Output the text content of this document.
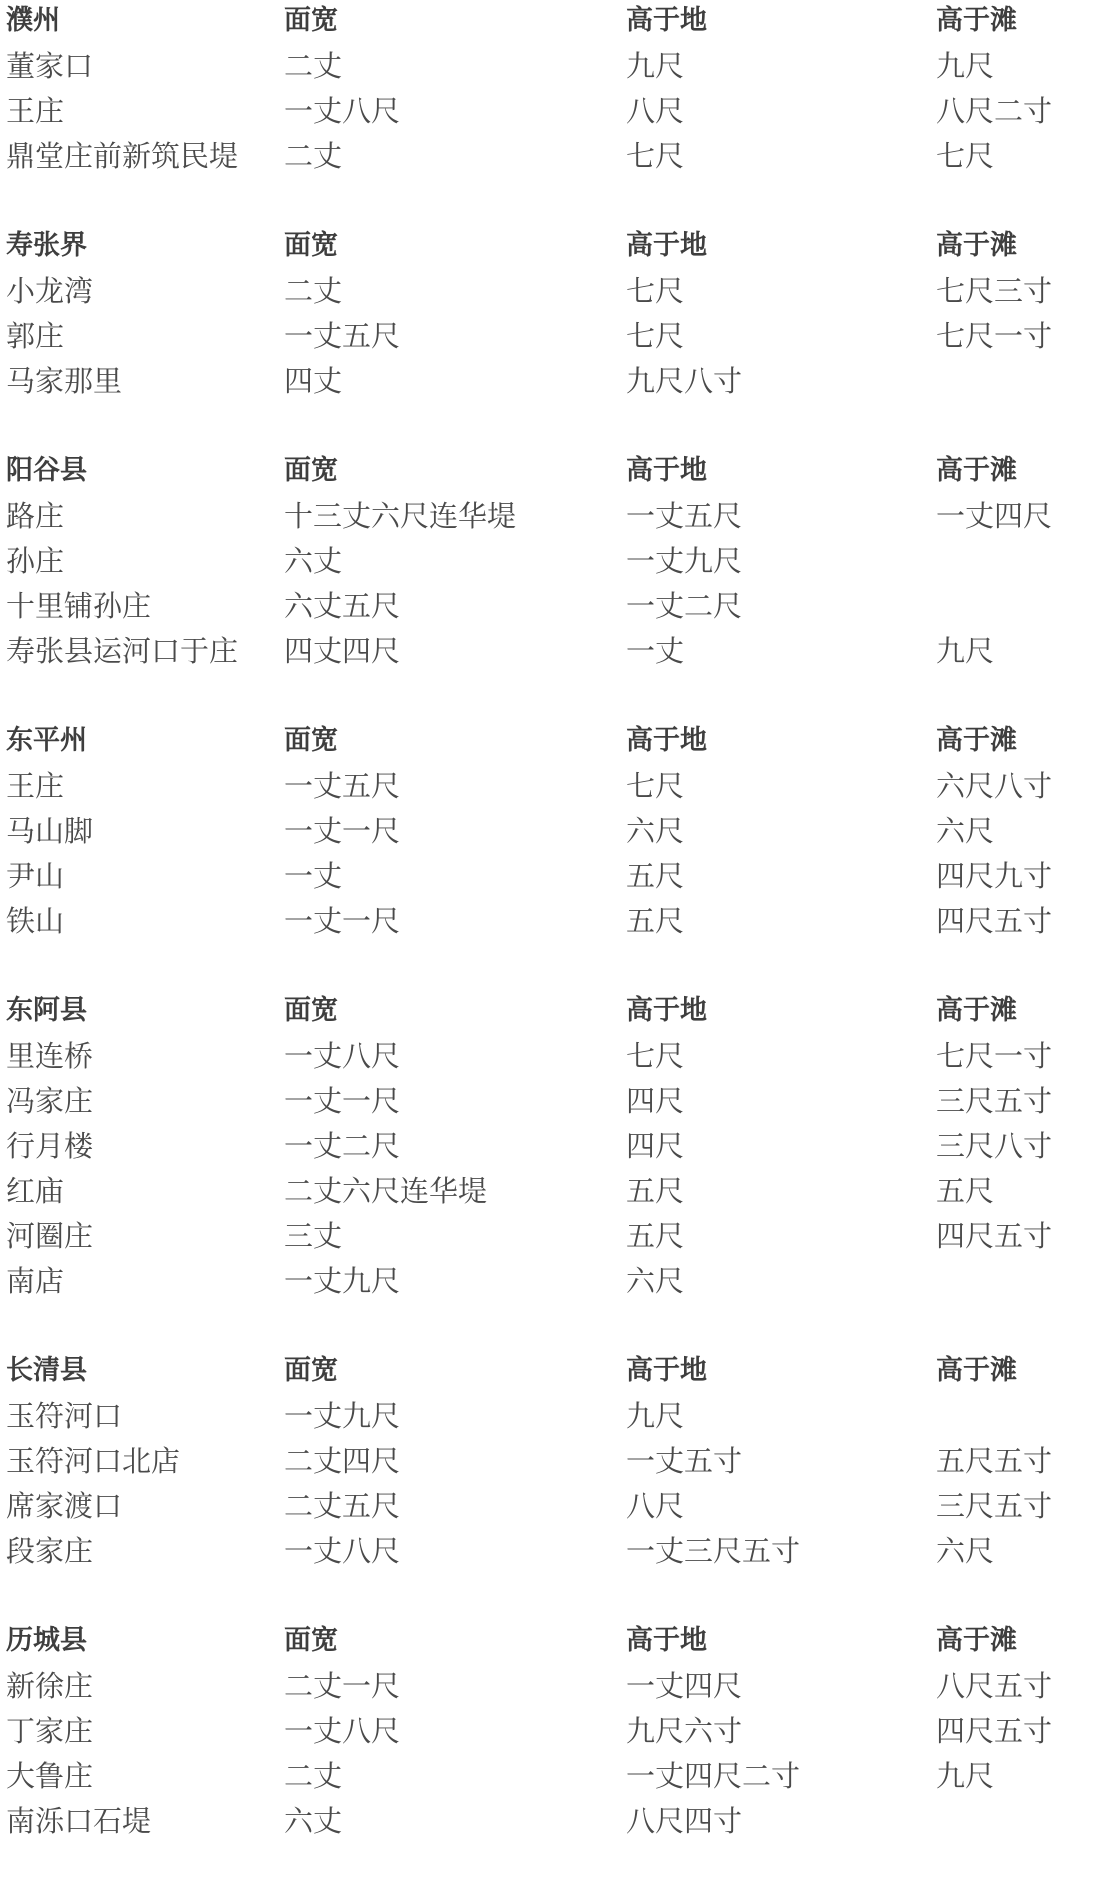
濮州	面宽	高于地	高于滩
董家口	二丈	九尺	九尺
王庄	一丈八尺	八尺	八尺二寸
鼎堂庄前新筑民堤	二丈	七尺	七尺
寿张界	面宽	高于地	高于滩
小龙湾	二丈	七尺	七尺三寸
郭庄	一丈五尺	七尺	七尺一寸
马家那里	四丈	九尺八寸
阳谷县	面宽	高于地	高于滩
路庄	十三丈六尺连华堤	一丈五尺	一丈四尺
孙庄	六丈	一丈九尺
十里铺孙庄	六丈五尺	一丈二尺
寿张县运河口于庄	四丈四尺	一丈	九尺
东平州	面宽	高于地	高于滩
王庄	一丈五尺	七尺	六尺八寸
马山脚	一丈一尺	六尺	六尺
尹山	一丈	五尺	四尺九寸
铁山	一丈一尺	五尺	四尺五寸
东阿县	面宽	高于地	高于滩
里连桥	一丈八尺	七尺	七尺一寸
冯家庄	一丈一尺	四尺	三尺五寸
行月楼	一丈二尺	四尺	三尺八寸
红庙	二丈六尺连华堤	五尺	五尺
河圈庄	三丈	五尺	四尺五寸
南店	一丈九尺	六尺
长清县	面宽	高于地	高于滩
玉符河口	一丈九尺	九尺
玉符河口北店	二丈四尺	一丈五寸	五尺五寸
席家渡口	二丈五尺	八尺	三尺五寸
段家庄	一丈八尺	一丈三尺五寸	六尺
历城县	面宽	高于地	高于滩
新徐庄	二丈一尺	一丈四尺	八尺五寸
丁家庄	一丈八尺	九尺六寸	四尺五寸
大鲁庄	二丈	一丈四尺二寸	九尺
南泺口石堤	六丈	八尺四寸
